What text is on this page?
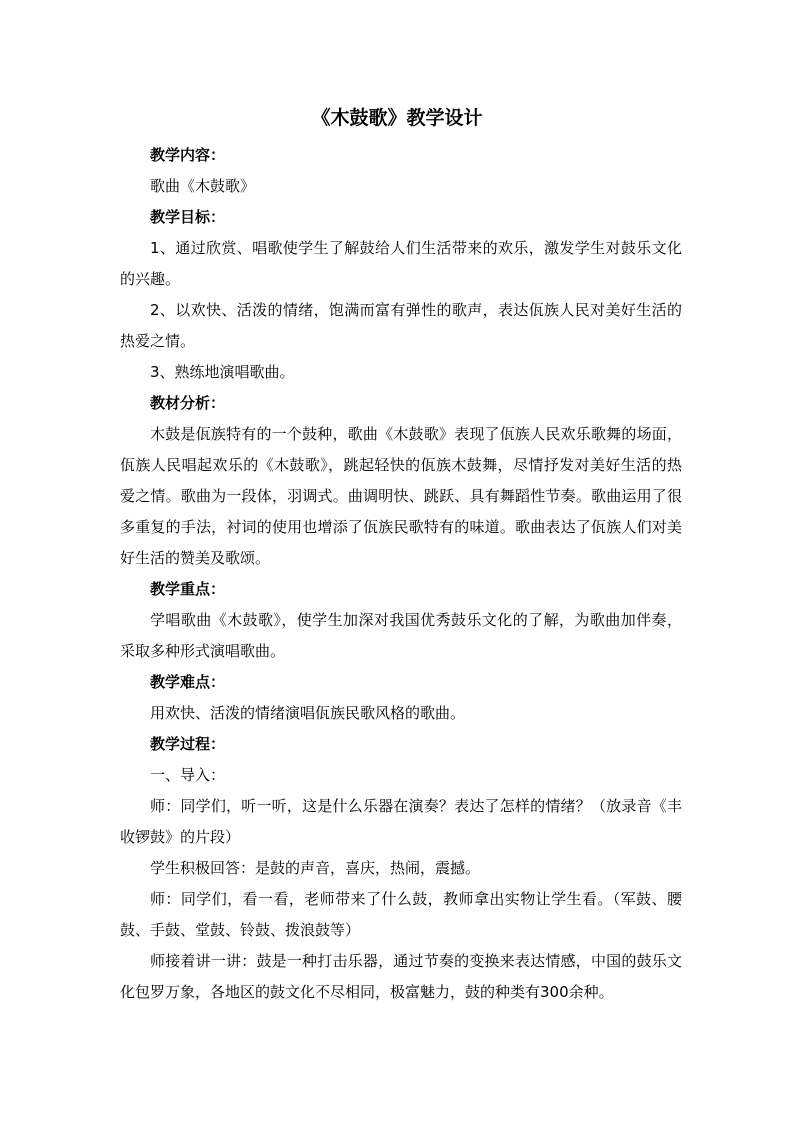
《木鼓歌》教学设计

教学内容：

歌曲《木鼓歌》

教学目标：

1、通过欣赏、唱歌使学生了解鼓给人们生活带来的欢乐，激发学生对鼓乐文化的兴趣。

2、以欢快、活泼的情绪，饱满而富有弹性的歌声，表达佤族人民对美好生活的热爱之情。

3、熟练地演唱歌曲。

教材分析：

木鼓是佤族特有的一个鼓种，歌曲《木鼓歌》表现了佤族人民欢乐歌舞的场面，佤族人民唱起欢乐的《木鼓歌》，跳起轻快的佤族木鼓舞，尽情抒发对美好生活的热爱之情。歌曲为一段体，羽调式。曲调明快、跳跃、具有舞蹈性节奏。歌曲运用了很多重复的手法，衬词的使用也增添了佤族民歌特有的味道。歌曲表达了佤族人们对美好生活的赞美及歌颂。

教学重点：

学唱歌曲《木鼓歌》，使学生加深对我国优秀鼓乐文化的了解，为歌曲加伴奏，采取多种形式演唱歌曲。

教学难点：

用欢快、活泼的情绪演唱佤族民歌风格的歌曲。

教学过程：

一、导入：

师：同学们，听一听，这是什么乐器在演奏？表达了怎样的情绪？（放录音《丰收锣鼓》的片段）

学生积极回答：是鼓的声音，喜庆，热闹，震撼。

师：同学们，看一看，老师带来了什么鼓，教师拿出实物让学生看。（军鼓、腰鼓、手鼓、堂鼓、铃鼓、拨浪鼓等）

师接着讲一讲：鼓是一种打击乐器，通过节奏的变换来表达情感，中国的鼓乐文化包罗万象，各地区的鼓文化不尽相同，极富魅力，鼓的种类有300余种。
